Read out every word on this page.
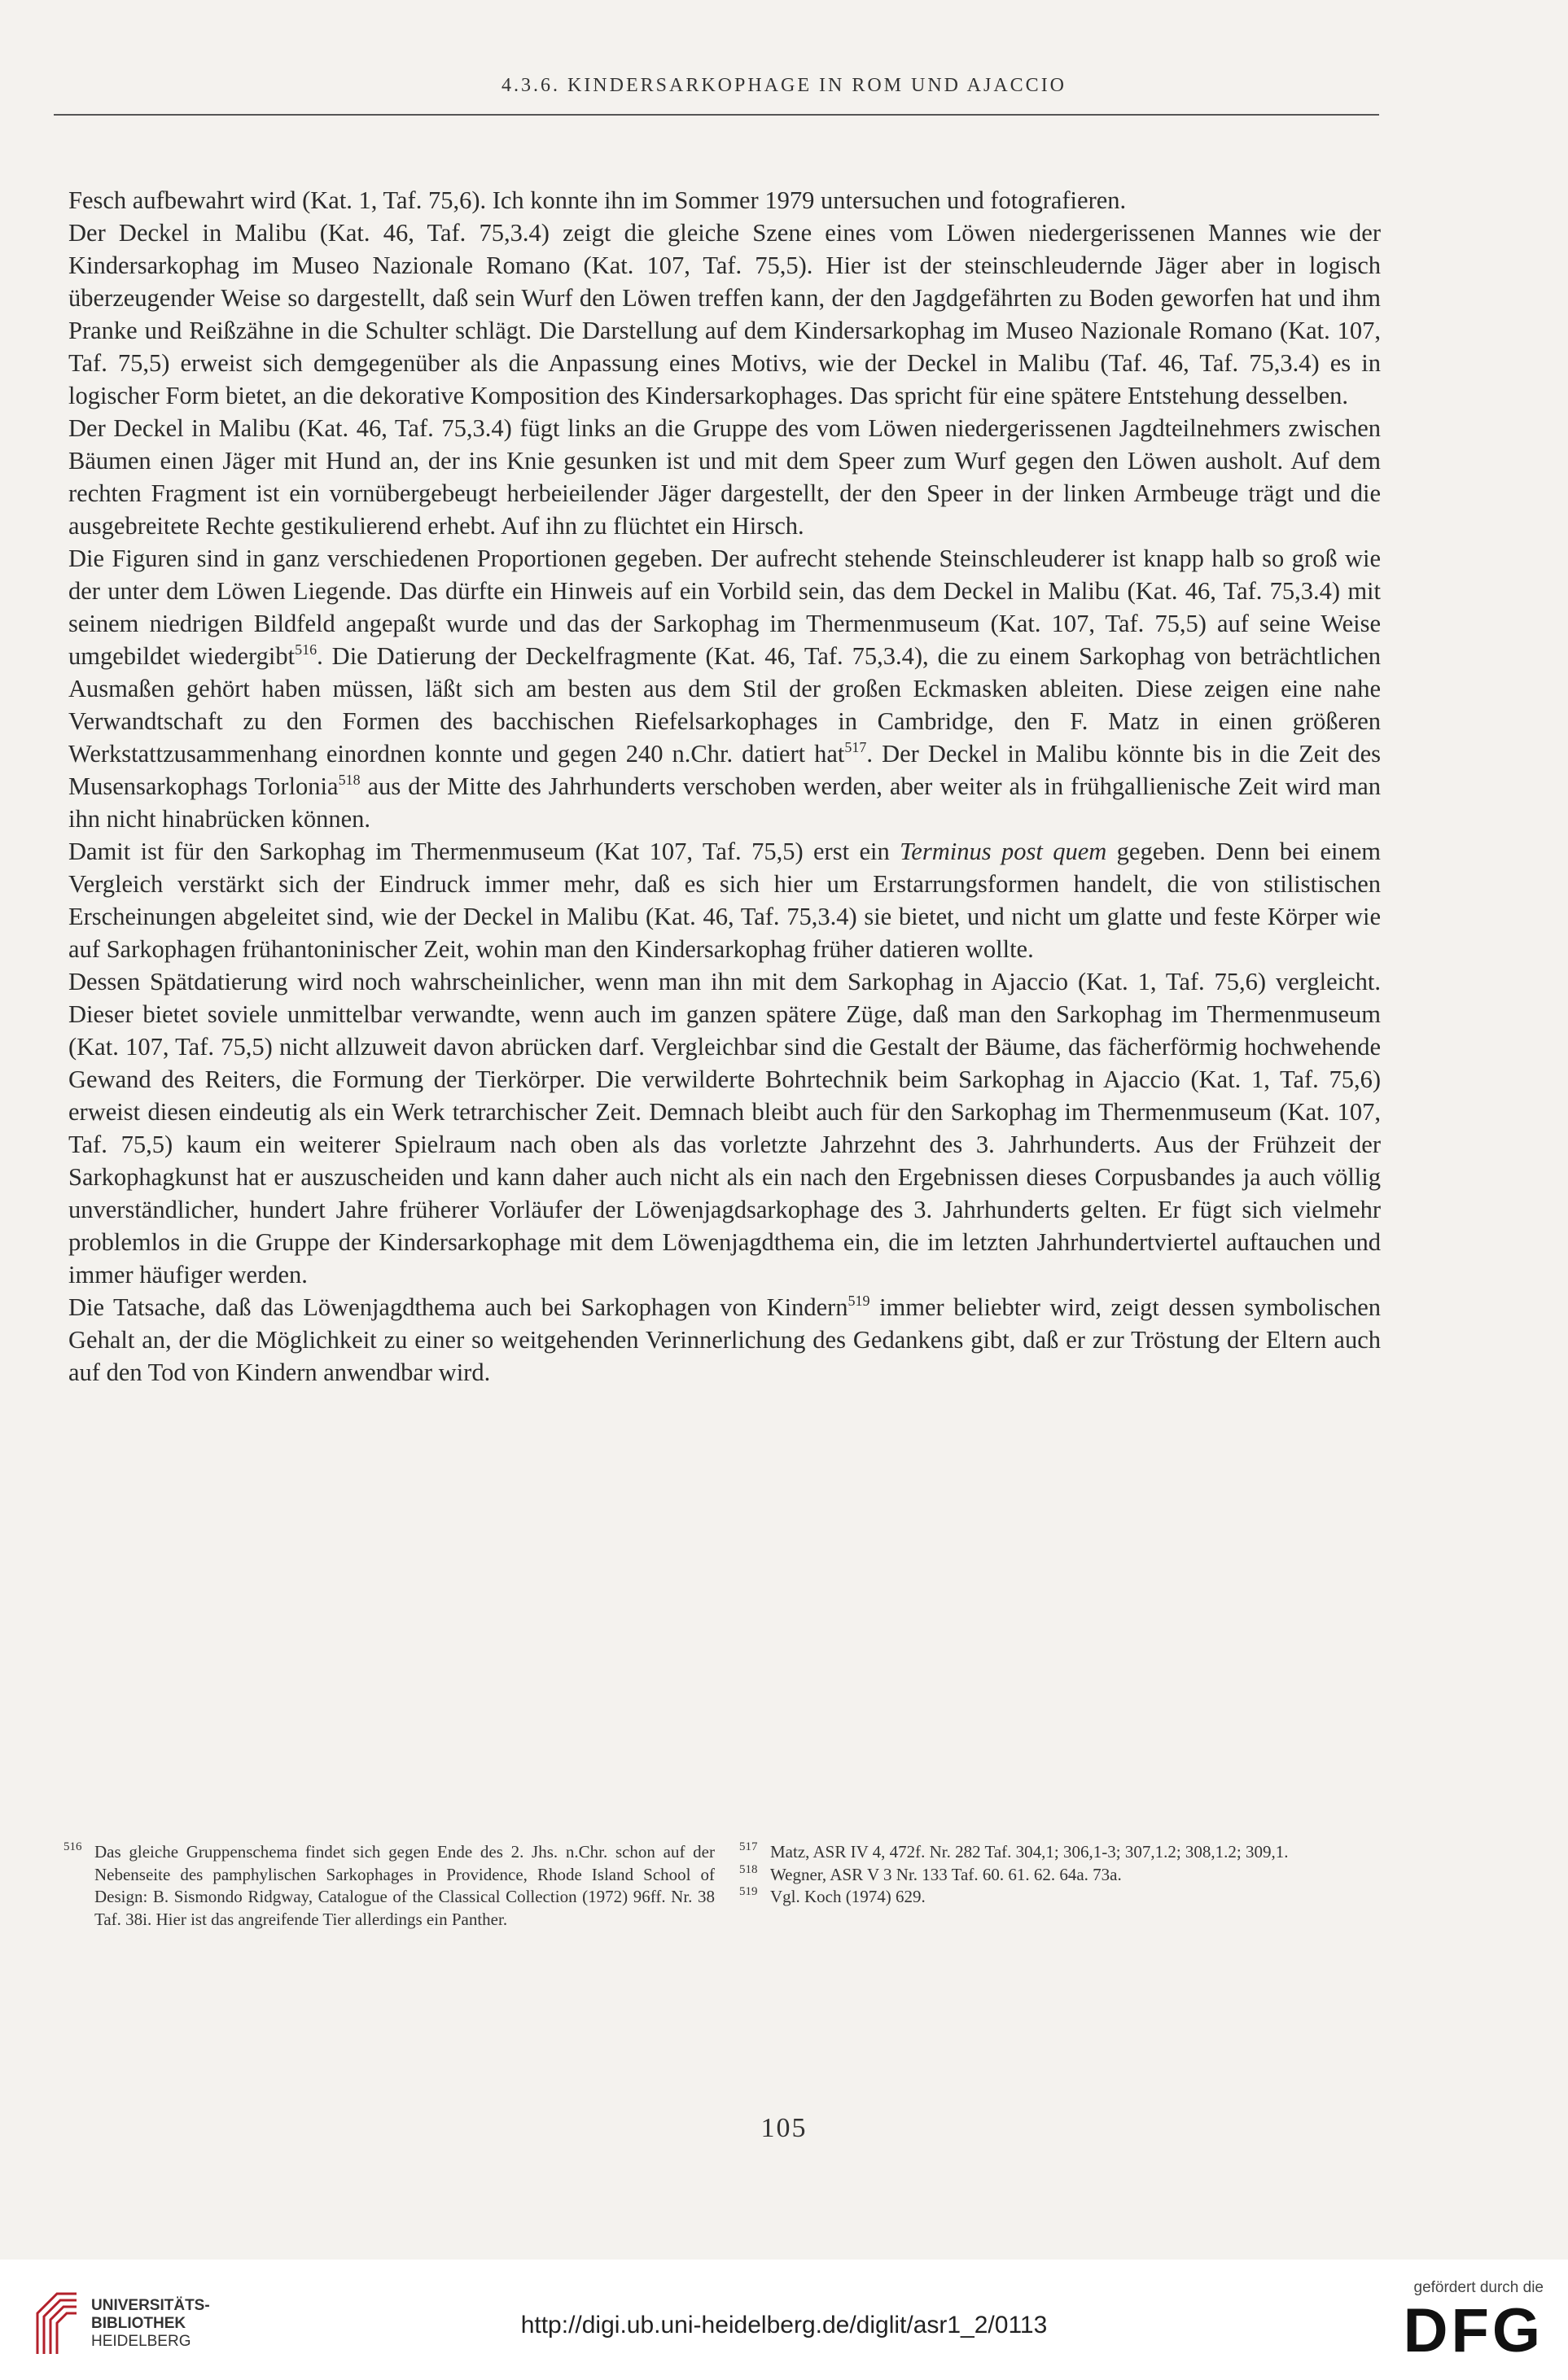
4.3.6. KINDERSARKOPHAGE IN ROM UND AJACCIO

Fesch aufbewahrt wird (Kat. 1, Taf. 75,6). Ich konnte ihn im Sommer 1979 untersuchen und fotografieren.

Der Deckel in Malibu (Kat. 46, Taf. 75,3.4) zeigt die gleiche Szene eines vom Löwen niedergerissenen Mannes wie der Kindersarkophag im Museo Nazionale Romano (Kat. 107, Taf. 75,5). Hier ist der steinschleudernde Jäger aber in logisch überzeugender Weise so dargestellt, daß sein Wurf den Löwen treffen kann, der den Jagdgefährten zu Boden geworfen hat und ihm Pranke und Reißzähne in die Schulter schlägt. Die Darstellung auf dem Kindersarkophag im Museo Nazionale Romano (Kat. 107, Taf. 75,5) erweist sich demgegenüber als die Anpassung eines Motivs, wie der Deckel in Malibu (Taf. 46, Taf. 75,3.4) es in logischer Form bietet, an die dekorative Komposition des Kindersarkophages. Das spricht für eine spätere Entstehung desselben.

Der Deckel in Malibu (Kat. 46, Taf. 75,3.4) fügt links an die Gruppe des vom Löwen niedergerissenen Jagdteilnehmers zwischen Bäumen einen Jäger mit Hund an, der ins Knie gesunken ist und mit dem Speer zum Wurf gegen den Löwen ausholt. Auf dem rechten Fragment ist ein vornübergebeugt herbeieilender Jäger dargestellt, der den Speer in der linken Armbeuge trägt und die ausgebreitete Rechte gestikulierend erhebt. Auf ihn zu flüchtet ein Hirsch.

Die Figuren sind in ganz verschiedenen Proportionen gegeben. Der aufrecht stehende Steinschleuderer ist knapp halb so groß wie der unter dem Löwen Liegende. Das dürfte ein Hinweis auf ein Vorbild sein, das dem Deckel in Malibu (Kat. 46, Taf. 75,3.4) mit seinem niedrigen Bildfeld angepaßt wurde und das der Sarkophag im Thermenmuseum (Kat. 107, Taf. 75,5) auf seine Weise umgebildet wiedergibt$^{516}$. Die Datierung der Deckelfragmente (Kat. 46, Taf. 75,3.4), die zu einem Sarkophag von beträchtlichen Ausmaßen gehört haben müssen, läßt sich am besten aus dem Stil der großen Eckmasken ableiten. Diese zeigen eine nahe Verwandtschaft zu den Formen des bacchischen Riefelsarkophages in Cambridge, den F. Matz in einen größeren Werkstattzusammenhang einordnen konnte und gegen 240 n.Chr. datiert hat$^{517}$. Der Deckel in Malibu könnte bis in die Zeit des Musensarkophags Torlonia$^{518}$ aus der Mitte des Jahrhunderts verschoben werden, aber weiter als in frühgallienische Zeit wird man ihn nicht hinabrücken können.

Damit ist für den Sarkophag im Thermenmuseum (Kat 107, Taf. 75,5) erst ein Terminus post quem gegeben. Denn bei einem Vergleich verstärkt sich der Eindruck immer mehr, daß es sich hier um Erstarrungsformen handelt, die von stilistischen Erscheinungen abgeleitet sind, wie der Deckel in Malibu (Kat. 46, Taf. 75,3.4) sie bietet, und nicht um glatte und feste Körper wie auf Sarkophagen frühantoninischer Zeit, wohin man den Kindersarkophag früher datieren wollte.

Dessen Spätdatierung wird noch wahrscheinlicher, wenn man ihn mit dem Sarkophag in Ajaccio (Kat. 1, Taf. 75,6) vergleicht. Dieser bietet soviele unmittelbar verwandte, wenn auch im ganzen spätere Züge, daß man den Sarkophag im Thermenmuseum (Kat. 107, Taf. 75,5) nicht allzuweit davon abrücken darf. Vergleichbar sind die Gestalt der Bäume, das fächerförmig hochwehende Gewand des Reiters, die Formung der Tierkörper. Die verwilderte Bohrtechnik beim Sarkophag in Ajaccio (Kat. 1, Taf. 75,6) erweist diesen eindeutig als ein Werk tetrarchischer Zeit. Demnach bleibt auch für den Sarkophag im Thermenmuseum (Kat. 107, Taf. 75,5) kaum ein weiterer Spielraum nach oben als das vorletzte Jahrzehnt des 3. Jahrhunderts. Aus der Frühzeit der Sarkophagkunst hat er auszuscheiden und kann daher auch nicht als ein nach den Ergebnissen dieses Corpusbandes ja auch völlig unverständlicher, hundert Jahre früherer Vorläufer der Löwenjagdsarkophage des 3. Jahrhunderts gelten. Er fügt sich vielmehr problemlos in die Gruppe der Kindersarkophage mit dem Löwenjagdthema ein, die im letzten Jahrhundertviertel auftauchen und immer häufiger werden.

Die Tatsache, daß das Löwenjagdthema auch bei Sarkophagen von Kindern$^{519}$ immer beliebter wird, zeigt dessen symbolischen Gehalt an, der die Möglichkeit zu einer so weitgehenden Verinnerlichung des Gedankens gibt, daß er zur Tröstung der Eltern auch auf den Tod von Kindern anwendbar wird.

516 Das gleiche Gruppenschema findet sich gegen Ende des 2. Jhs. n.Chr. schon auf der Nebenseite des pamphylischen Sarkophages in Providence, Rhode Island School of Design: B. Sismondo Ridgway, Catalogue of the Classical Collection (1972) 96ff. Nr. 38 Taf. 38i. Hier ist das angreifende Tier allerdings ein Panther.
517 Matz, ASR IV 4, 472f. Nr. 282 Taf. 304,1; 306,1-3; 307,1.2; 308,1.2; 309,1.
518 Wegner, ASR V 3 Nr. 133 Taf. 60. 61. 62. 64a. 73a.
519 Vgl. Koch (1974) 629.
105
UNIVERSITÄTS-
BIBLIOTHEK
HEIDELBERG
http://digi.ub.uni-heidelberg.de/diglit/asr1_2/0113
gefördert durch die
DFG
